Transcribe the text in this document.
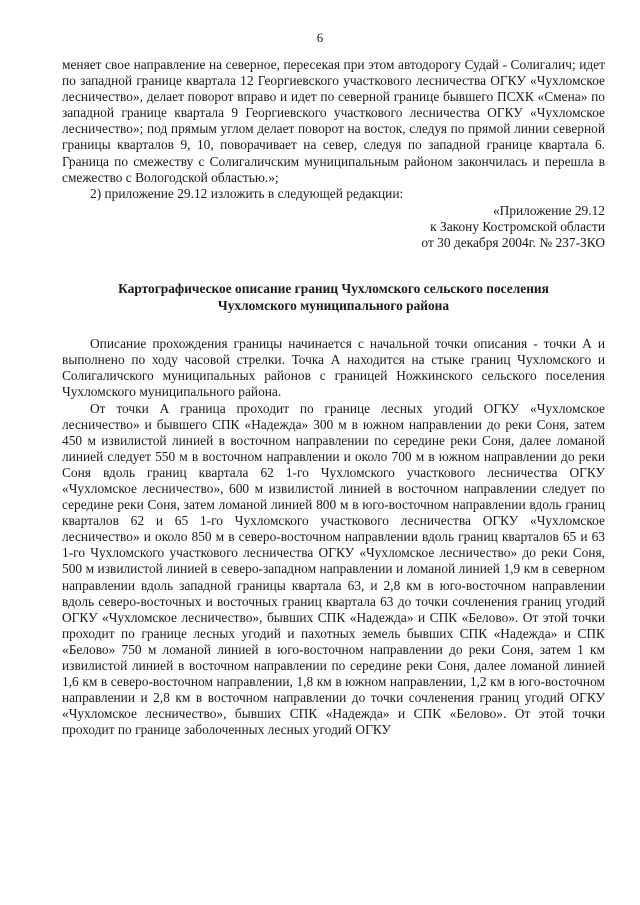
6

меняет свое направление на северное, пересекая при этом автодорогу Судай - Солигалич; идет по западной границе квартала 12 Георгиевского участкового лесничества ОГКУ «Чухломское лесничество», делает поворот вправо и идет по северной границе бывшего ПСХК «Смена» по западной границе квартала 9 Георгиевского участкового лесничества ОГКУ «Чухломское лесничество»; под прямым углом делает поворот на восток, следуя по прямой линии северной границы кварталов 9, 10, поворачивает на север, следуя по западной границе квартала 6. Граница по смежеству с Солигаличским муниципальным районом закончилась и перешла в смежество с Вологодской областью.»;

2) приложение 29.12 изложить в следующей редакции:

«Приложение 29.12
к Закону Костромской области
от 30 декабря 2004г. № 237-ЗКО
Картографическое описание границ Чухломского сельского поселения
Чухломского муниципального района

Описание прохождения границы начинается с начальной точки описания - точки А и выполнено по ходу часовой стрелки. Точка А находится на стыке границ Чухломского и Солигаличского муниципальных районов с границей Ножкинского сельского поселения Чухломского муниципального района.

От точки А граница проходит по границе лесных угодий ОГКУ «Чухломское лесничество» и бывшего СПК «Надежда» 300 м в южном направлении до реки Соня, затем 450 м извилистой линией в восточном направлении по середине реки Соня, далее ломаной линией следует 550 м в восточном направлении и около 700 м в южном направлении до реки Соня вдоль границ квартала 62 1-го Чухломского участкового лесничества ОГКУ «Чухломское лесничество», 600 м извилистой линией в восточном направлении следует по середине реки Соня, затем ломаной линией 800 м в юго-восточном направлении вдоль границ кварталов 62 и 65 1-го Чухломского участкового лесничества ОГКУ «Чухломское лесничество» и около 850 м в северо-восточном направлении вдоль границ кварталов 65 и 63 1-го Чухломского участкового лесничества ОГКУ «Чухломское лесничество» до реки Соня, 500 м извилистой линией в северо-западном направлении и ломаной линией 1,9 км в северном направлении вдоль западной границы квартала 63, и 2,8 км в юго-восточном направлении вдоль северо-восточных и восточных границ квартала 63 до точки сочленения границ угодий ОГКУ «Чухломское лесничество», бывших СПК «Надежда» и СПК «Белово». От этой точки проходит по границе лесных угодий и пахотных земель бывших СПК «Надежда» и СПК «Белово» 750 м ломаной линией в юго-восточном направлении до реки Соня, затем 1 км извилистой линией в восточном направлении по середине реки Соня, далее ломаной линией 1,6 км в северо-восточном направлении, 1,8 км в южном направлении, 1,2 км в юго-восточном направлении и 2,8 км в восточном направлении до точки сочленения границ угодий ОГКУ «Чухломское лесничество», бывших СПК «Надежда» и СПК «Белово». От этой точки проходит по границе заболоченных лесных угодий ОГКУ
